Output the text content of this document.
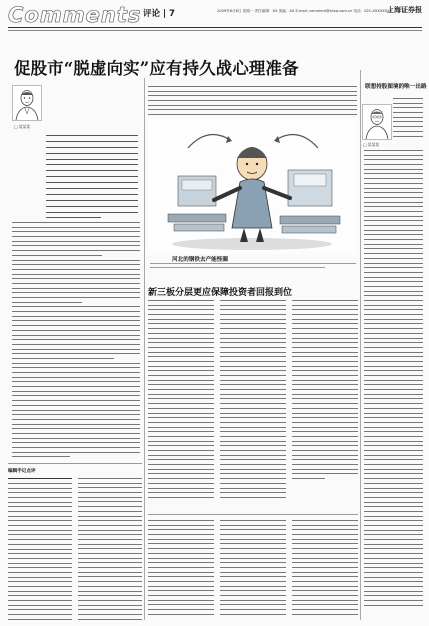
Comments 评论 | 7	2009年6月8日 星期一 责任编辑：XX 美编：XX E-mail: comment@shzq.com.cn 电话：021-XXXXXXXX
上海证券报
促股市“脱虚向实”应有持久战心理准备
□ 某某某
河北的钢铁去产能怪圈
新三板分层更应保障投资者回报到位
联想持股图境的唯一出路
□ 某某某
编辑手记点评
